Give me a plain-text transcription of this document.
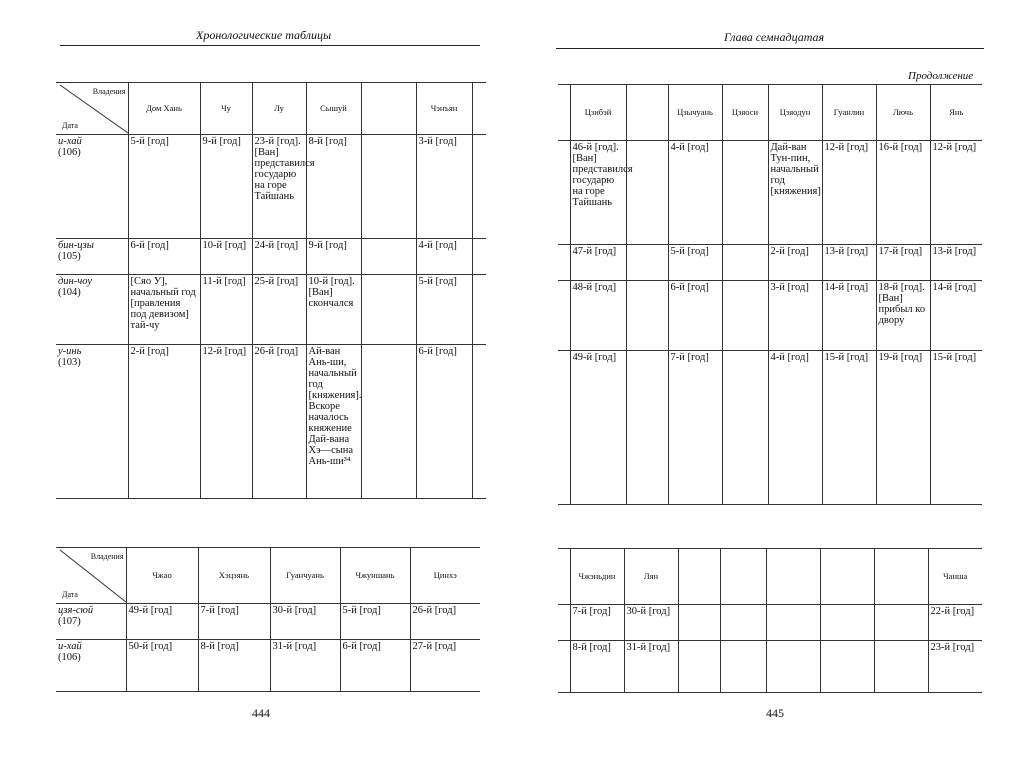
Хронологические таблицы
Владения
Дата	Дом Хань	Чу	Лу	Сышуй		Чэнъян	
и-хай
(106)	5-й [год]	9-й [год]	23-й [год]. [Ван] представился государю на горе Тайшань	8-й [год]		3-й [год]	
бин-цзы
(105)	6-й [год]	10-й [год]	24-й [год]	9-й [год]		4-й [год]	
дин-чоу
(104)	[Сяо У], начальный год [правления под девизом] тай-чу	11-й [год]	25-й [год]	10-й [год]. [Ван] скончался		5-й [год]	
у-инь
(103)	2-й [год]	12-й [год]	26-й [год]	Ай-ван Ань-ши, начальный год [княжения]. Вскоре началось княжение Дай-вана Хэ—сына Ань-ши³⁴		6-й [год]	
Владения
Дата	Чжао	Хэцзянь	Гуанчуань	Чжуншань	Цинхэ
цзя-сюй
(107)	49-й [год]	7-й [год]	30-й [год]	5-й [год]	26-й [год]
и-хай
(106)	50-й [год]	8-й [год]	31-й [год]	6-й [год]	27-й [год]
444
Глава семнадцатая
Продолжение
	Цзибэй		Цзычуань	Цзяоси	Цзяодун	Гуанлин	Лючь	Янь
	46-й [год]. [Ван] представился государю на горе Тайшань		4-й [год]		Дай-ван Тун-пин, начальный год [княжения]	12-й [год]	16-й [год]	12-й [год]
	47-й [год]		5-й [год]		2-й [год]	13-й [год]	17-й [год]	13-й [год]
	48-й [год]		6-й [год]		3-й [год]	14-й [год]	18-й [год]. [Ван] прибыл ко двору	14-й [год]
	49-й [год]		7-й [год]		4-й [год]	15-й [год]	19-й [год]	15-й [год]
	Чжэньдин	Лян						Чанша
	7-й [год]	30-й [год]						22-й [год]
	8-й [год]	31-й [год]						23-й [год]
445
